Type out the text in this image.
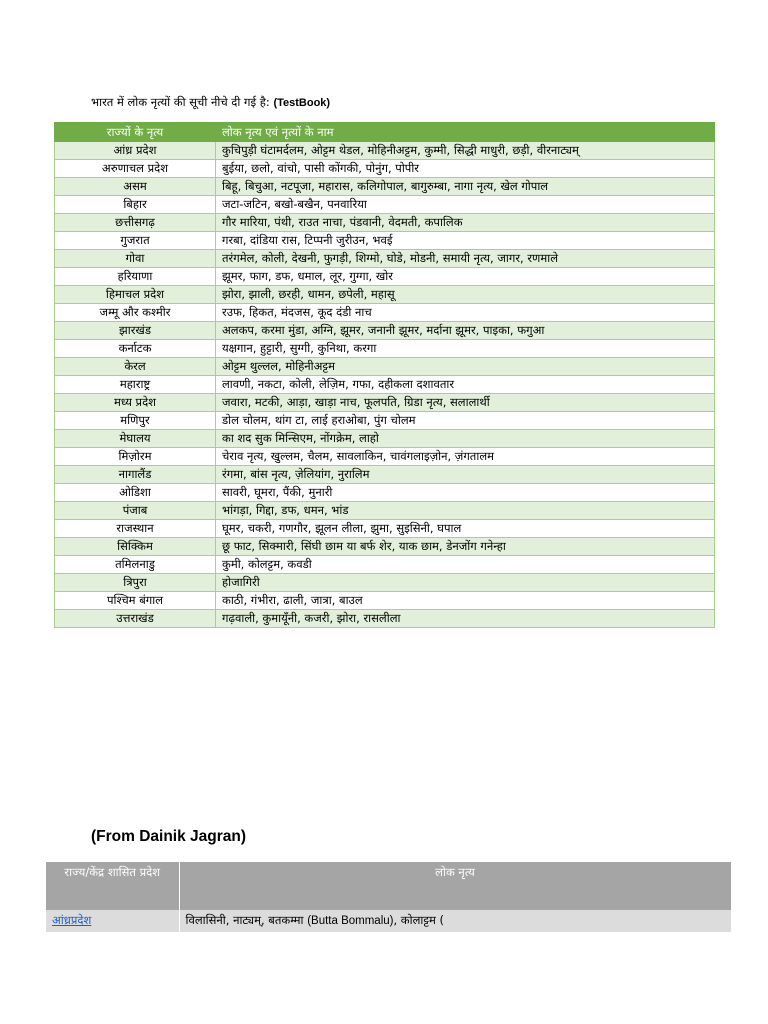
भारत में लोक नृत्यों की सूची नीचे दी गई है: (TestBook)
राज्यों के नृत्य	लोक नृत्य एवं नृत्यों के नाम
आंध्र प्रदेश	कुचिपुड़ी घंटामर्दलम, ओट्टम थेडल, मोहिनीअट्टम, कुम्मी, सिद्धी माधुरी, छड़ी, वीरनाट्यम्
अरुणाचल प्रदेश	बुईया, छलो, वांचो, पासी कोंगकी, पोनुंग, पोपीर
असम	बिहू, बिचुआ, नटपूजा, महारास, कलिगोपाल, बागुरुम्बा, नागा नृत्य, खेल गोपाल
बिहार	जटा-जटिन, बखो-बखैन, पनवारिया
छत्तीसगढ़	गौर मारिया, पंथी, राउत नाचा, पंडवानी, वेदमती, कपालिक
गुजरात	गरबा, दांडिया रास, टिप्पनी जुरीउन, भवई
गोवा	तरंगमेल, कोली, देखनी, फुगड़ी, शिग्मो, घोडे, मोडनी, समायी नृत्य, जागर, रणमाले
हरियाणा	झूमर, फाग, डफ, धमाल, लूर, गुग्गा, खोर
हिमाचल प्रदेश	झोरा, झाली, छरही, धामन, छपेली, महासू
जम्मू और कश्मीर	रउफ, हिकत, मंदजस, कूद दंडी नाच
झारखंड	अलकप, करमा मुंडा, अग्नि, झूमर, जनानी झूमर, मर्दाना झूमर, पाइका, फगुआ
कर्नाटक	यक्षगान, हुट्टारी, सुग्गी, कुनिथा, करगा
केरल	ओट्टम थुल्लल, मोहिनीअट्टम
महाराष्ट्र	लावणी, नकटा, कोली, लेज़िम, गफा, दहीकला दशावतार
मध्य प्रदेश	जवारा, मटकी, आड़ा, खाड़ा नाच, फूलपति, ग्रिडा नृत्य, सलालार्थी
मणिपुर	डोल चोलम, थांग टा, लाई हराओबा, पुंग चोलम
मेघालय	का शद सुक मिन्सिएम, नोंगक्रेम, लाहो
मिज़ोरम	चेराव नृत्य, खुल्लम, चैलम, सावलाकिन, चावंगलाइज़ोन, ज़ंगतालम
नागालैंड	रंगमा, बांस नृत्य, ज़ेलियांग, नुरालिम
ओडिशा	सावरी, घूमरा, पैंकी, मुनारी
पंजाब	भांगड़ा, गिद्दा, डफ, धमन, भांड
राजस्थान	घूमर, चकरी, गणगौर, झूलन लीला, झुमा, सुइसिनी, घपाल
सिक्किम	छू फाट, सिक्मारी, सिंघी छाम या बर्फ शेर, याक छाम, डेनजोंग गनेन्हा
तमिलनाडु	कुमी, कोलट्टम, कवडी
त्रिपुरा	होजागिरी
पश्चिम बंगाल	काठी, गंभीरा, ढाली, जात्रा, बाउल
उत्तराखंड	गढ़वाली, कुमायूँनी, कजरी, झोरा, रासलीला
(From Dainik Jagran)
राज्य/केंद्र शासित प्रदेश	लोक नृत्य
आंध्रप्रदेश	विलासिनी, नाट्यम्, बतकम्मा (Butta Bommalu), कोलाट्टम (
